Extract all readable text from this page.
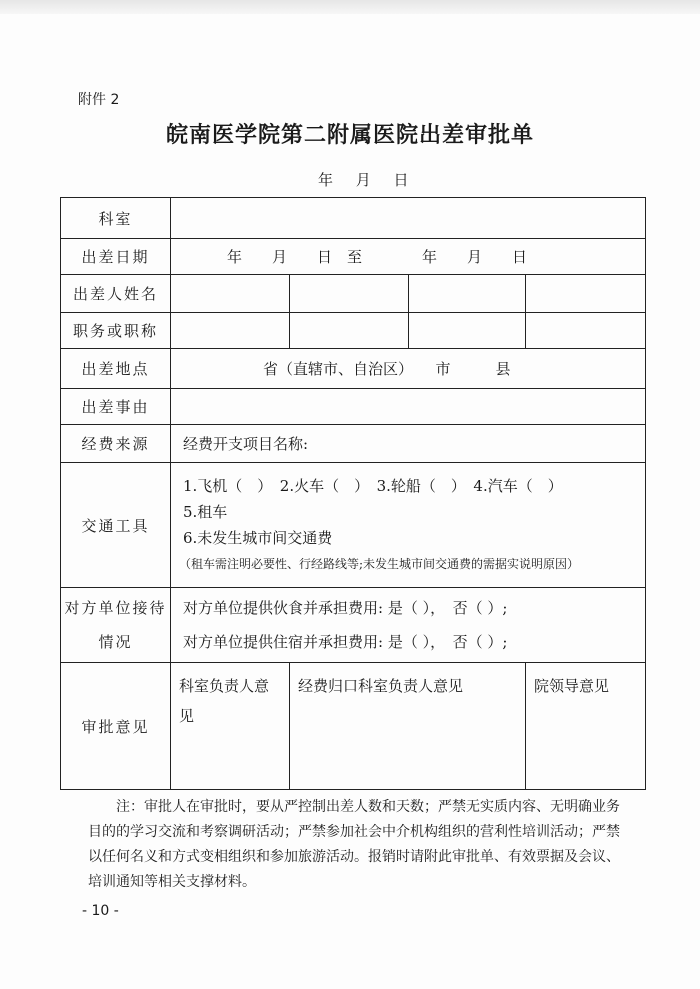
附件 2
皖南医学院第二附属医院出差审批单
年 月 日
科室				
出差日期	年　　月　　日　至　　　　年　　月　　日			
出差人姓名				
职务或职称				
出差地点	省（直辖市、自治区）　　市　　　县			
出差事由				
经费来源	经费开支项目名称:			
交通工具	1.飞机（　）　2.火车（　）　3.轮船（　）　4.汽车（　）
5.租车
6.未发生城市间交通费
（租车需注明必要性、行经路线等;未发生城市间交通费的需据实说明原因）			

对方单位接待情况	对方单位提供伙食并承担费用: 是（ ），　否（ ）;
对方单位提供住宿并承担费用: 是（ ），　否（ ）;			

审批意见	科室负责人意见	经费归口科室负责人意见		院领导意见

注：审批人在审批时，要从严控制出差人数和天数；严禁无实质内容、无明确业务目的的学习交流和考察调研活动；严禁参加社会中介机构组织的营利性培训活动；严禁以任何名义和方式变相组织和参加旅游活动。报销时请附此审批单、有效票据及会议、培训通知等相关支撑材料。

- 10 -
